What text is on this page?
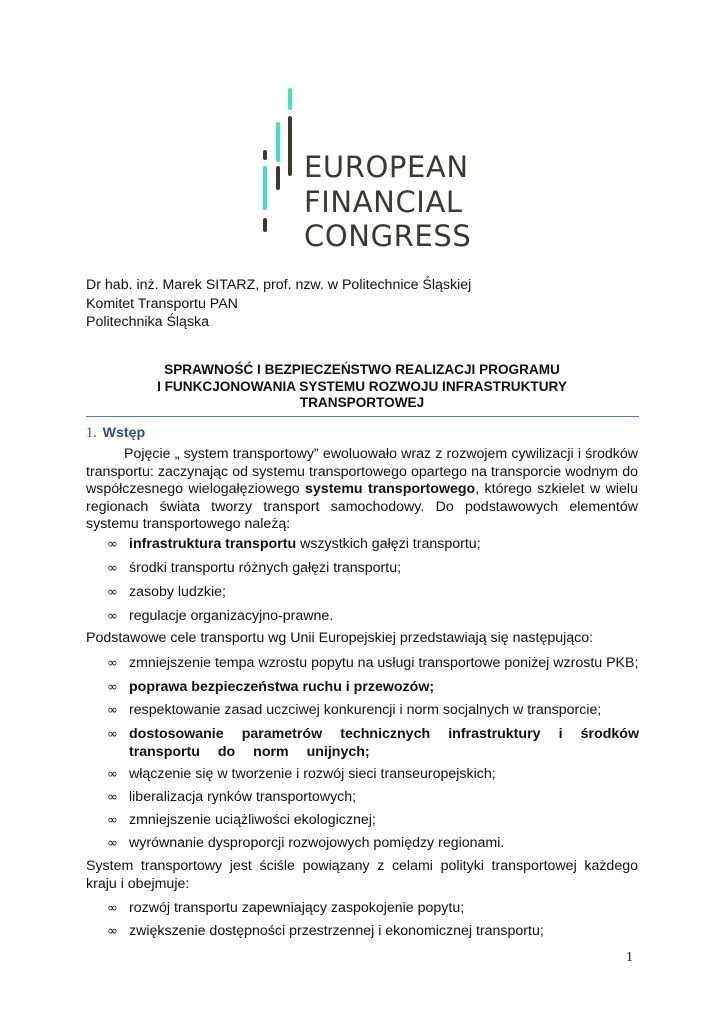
EUROPEAN
FINANCIAL
CONGRESS
Dr hab. inż. Marek SITARZ, prof. nzw. w Politechnice Śląskiej
Komitet Transportu PAN
Politechnika Śląska
SPRAWNOŚĆ I BEZPIECZEŃSTWO REALIZACJI PROGRAMU
I FUNKCJONOWANIA SYSTEMU ROZWOJU INFRASTRUKTURY
TRANSPORTOWEJ
1. Wstęp
Pojęcie „ system transportowy” ewoluowało wraz z rozwojem cywilizacji i środków transportu: zaczynając od systemu transportowego opartego na transporcie wodnym do współczesnego wielogałęziowego systemu transportowego, którego szkielet w wielu regionach świata tworzy transport samochodowy. Do podstawowych elementów systemu transportowego należą:
∞ infrastruktura transportu wszystkich gałęzi transportu;
∞ środki transportu różnych gałęzi transportu;
∞ zasoby ludzkie;
∞ regulacje organizacyjno-prawne.
Podstawowe cele transportu wg Unii Europejskiej przedstawiają się następująco:
∞ zmniejszenie tempa wzrostu popytu na usługi transportowe poniżej wzrostu PKB;
∞ poprawa bezpieczeństwa ruchu i przewozów;
∞ respektowanie zasad uczciwej konkurencji i norm socjalnych w transporcie;
∞ dostosowanie parametrów technicznych infrastruktury i środków transportu do norm unijnych;
∞ włączenie się w tworzenie i rozwój sieci transeuropejskich;
∞ liberalizacja rynków transportowych;
∞ zmniejszenie uciążliwości ekologicznej;
∞ wyrównanie dysproporcji rozwojowych pomiędzy regionami.
System transportowy jest ściśle powiązany z celami polityki transportowej każdego kraju i obejmuje:
∞ rozwój transportu zapewniający zaspokojenie popytu;
∞ zwiększenie dostępności przestrzennej i ekonomicznej transportu;
1
